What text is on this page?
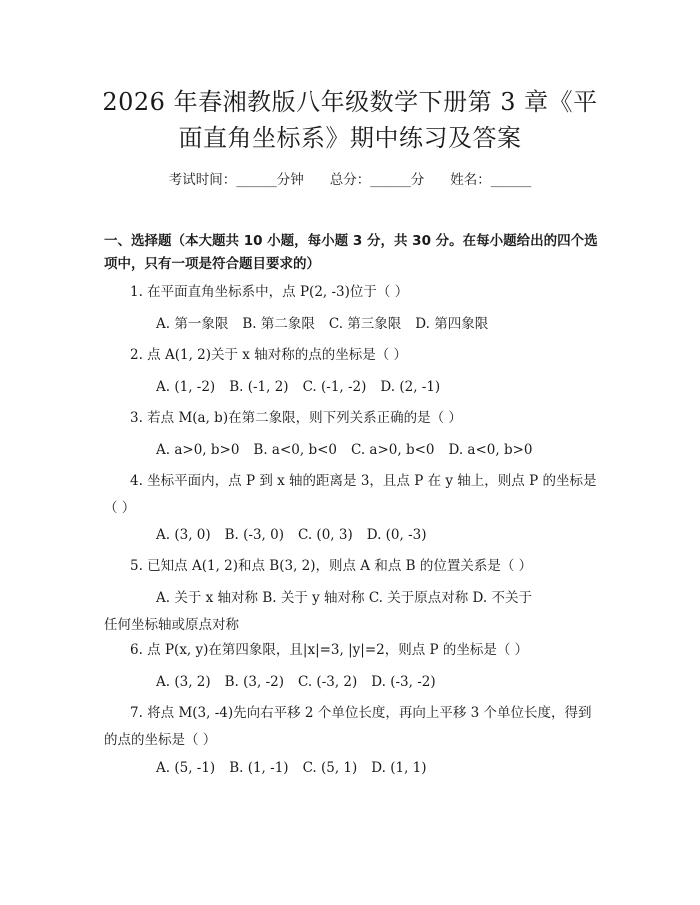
2026 年春湘教版八年级数学下册第 3 章《平
面直角坐标系》期中练习及答案
考试时间：______分钟 总分：______分 姓名：______
一、选择题（本大题共 10 小题，每小题 3 分，共 30 分。在每小题给出的四个选
项中，只有一项是符合题目要求的）
1. 在平面直角坐标系中，点 P(2, -3)位于（ ）
A. 第一象限 B. 第二象限 C. 第三象限 D. 第四象限
2. 点 A(1, 2)关于 x 轴对称的点的坐标是（ ）
A. (1, -2) B. (-1, 2) C. (-1, -2) D. (2, -1)
3. 若点 M(a, b)在第二象限，则下列关系正确的是（ ）
A. a>0, b>0 B. a<0, b<0 C. a>0, b<0 D. a<0, b>0
4. 坐标平面内，点 P 到 x 轴的距离是 3，且点 P 在 y 轴上，则点 P 的坐标是
（ ）
A. (3, 0) B. (-3, 0) C. (0, 3) D. (0, -3)
5. 已知点 A(1, 2)和点 B(3, 2)，则点 A 和点 B 的位置关系是（ ）
A. 关于 x 轴对称 B. 关于 y 轴对称 C. 关于原点对称 D. 不关于
任何坐标轴或原点对称
6. 点 P(x, y)在第四象限，且|x|=3, |y|=2，则点 P 的坐标是（ ）
A. (3, 2) B. (3, -2) C. (-3, 2) D. (-3, -2)
7. 将点 M(3, -4)先向右平移 2 个单位长度，再向上平移 3 个单位长度，得到
的点的坐标是（ ）
A. (5, -1) B. (1, -1) C. (5, 1) D. (1, 1)
